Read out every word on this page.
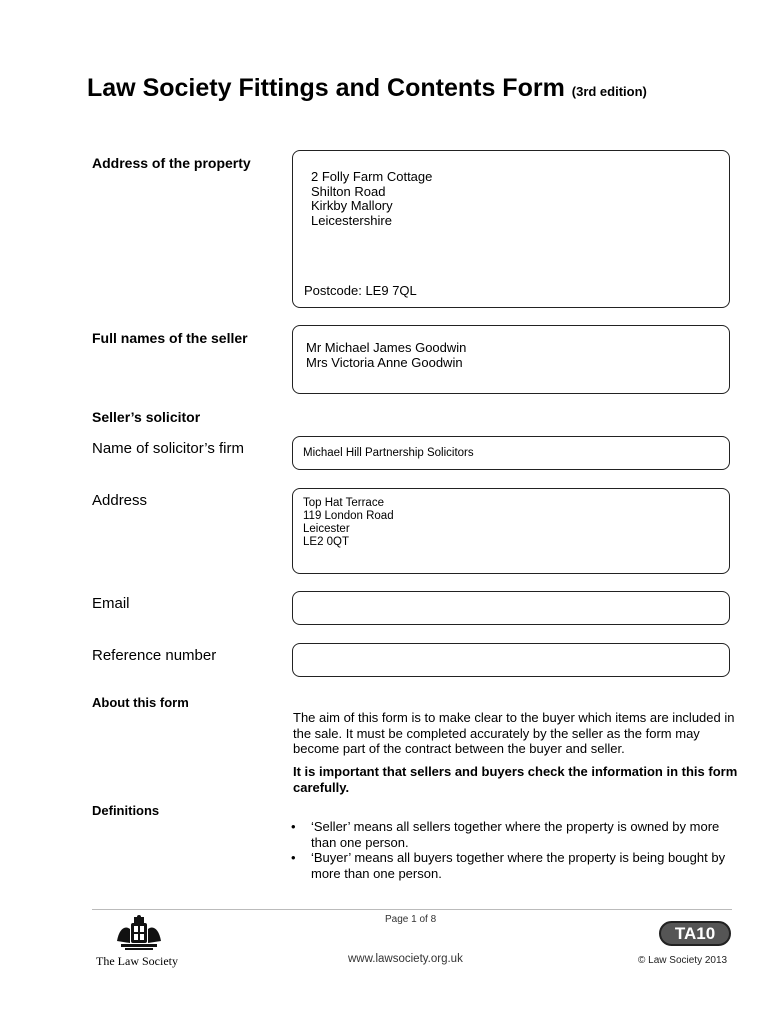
Law Society Fittings and Contents Form (3rd edition)
Address of the property
2 Folly Farm Cottage
Shilton Road
Kirkby Mallory
Leicestershire
Postcode: LE9 7QL
Full names of the seller
Mr Michael James Goodwin
Mrs Victoria Anne Goodwin
Seller’s solicitor
Name of solicitor’s firm	Michael Hill Partnership Solicitors
Address	Top Hat Terrace
119 London Road
Leicester
LE2 0QT
Email
Reference number
About this form
The aim of this form is to make clear to the buyer which items are included in the sale. It must be completed accurately by the seller as the form may become part of the contract between the buyer and seller.
It is important that sellers and buyers check the information in this form carefully.
Definitions
• ‘Seller’ means all sellers together where the property is owned by more than one person.
• ‘Buyer’ means all buyers together where the property is being bought by more than one person.
The Law Society
Page 1 of 8
www.lawsociety.org.uk
TA10
© Law Society 2013
